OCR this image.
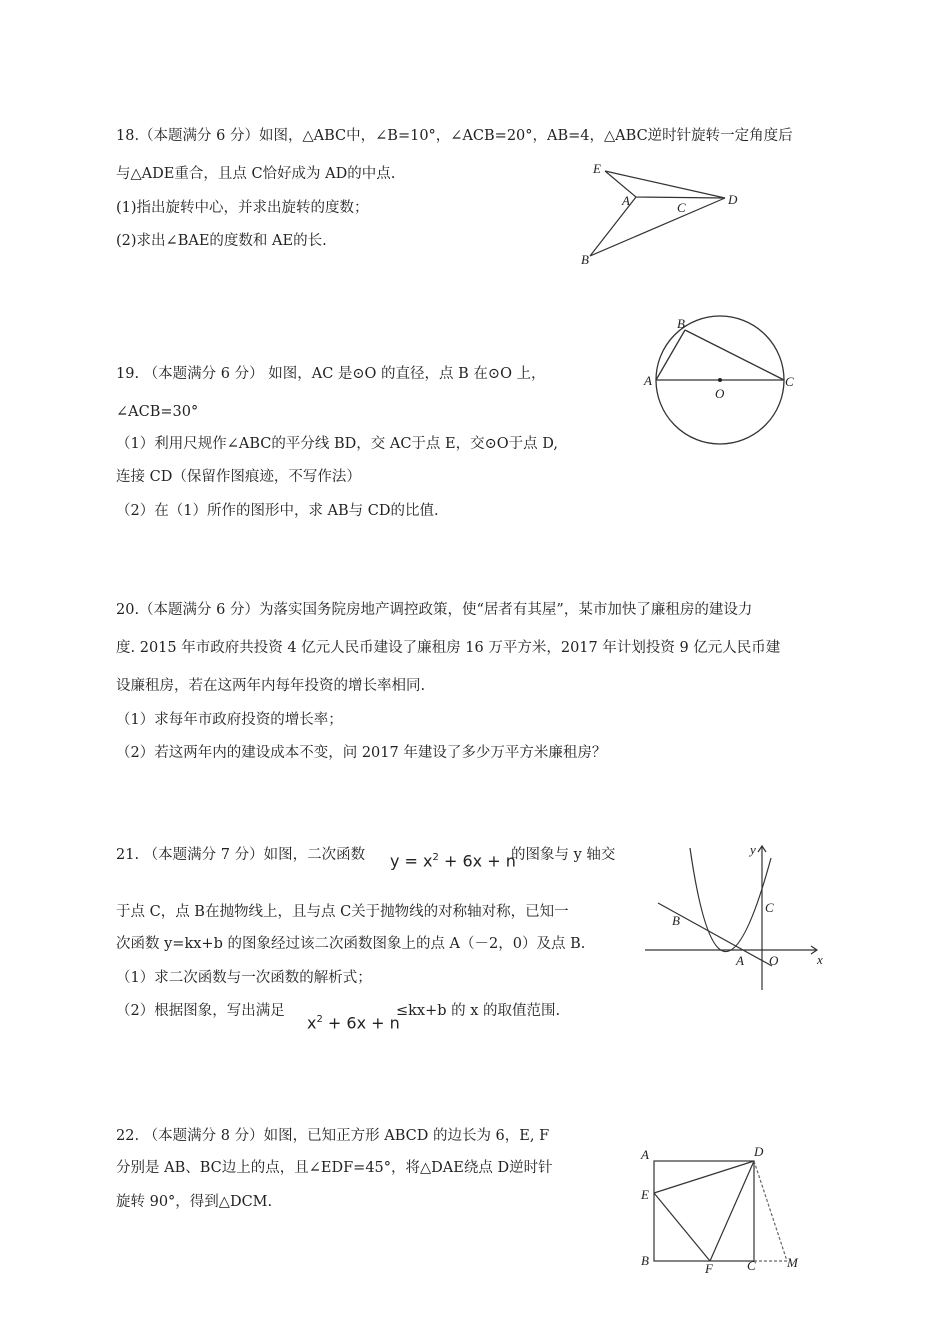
18.（本题满分 6 分）如图，△ABC中，∠B=10°，∠ACB=20°，AB=4，△ABC逆时针旋转一定角度后
与△ADE重合，且点 C恰好成为 AD的中点.
(1)指出旋转中心，并求出旋转的度数；
(2)求出∠BAE的度数和 AE的长.
E
A	C
D
B
19. （本题满分 6 分） 如图，AC 是⊙O 的直径，点 B 在⊙O 上，
∠ACB=30°
（1）利用尺规作∠ABC的平分线 BD，交 AC于点 E，交⊙O于点 D,
连接 CD（保留作图痕迹，不写作法）
（2）在（1）所作的图形中，求 AB与 CD的比值.
A
B
C
O
20.（本题满分 6 分）为落实国务院房地产调控政策，使“居者有其屋”，某市加快了廉租房的建设力
度. 2015 年市政府共投资 4 亿元人民币建设了廉租房 16 万平方米，2017 年计划投资 9 亿元人民币建
设廉租房，若在这两年内每年投资的增长率相同.
（1）求每年市政府投资的增长率；
（2）若这两年内的建设成本不变，问 2017 年建设了多少万平方米廉租房？
21. （本题满分 7 分）如图，二次函数 $y = x^2 + 6x + n$
的图象与 y 轴交
于点 C，点 B在抛物线上，且与点 C关于抛物线的对称轴对称，已知一
次函数 y=kx+b 的图象经过该二次函数图象上的点 A（－2，0）及点 B.
（1）求二次函数与一次函数的解析式；
（2）根据图象，写出满足
$x^2 + 6x + n$
≤kx+b 的 x 的取值范围.
y
x
B
C
A O
22. （本题满分 8 分）如图，已知正方形 ABCD 的边长为 6，E, F
分别是 AB、BC边上的点，且∠EDF=45°，将△DAE绕点 D逆时针
旋转 90°，得到△DCM.
A	D
E
B
F	C M
